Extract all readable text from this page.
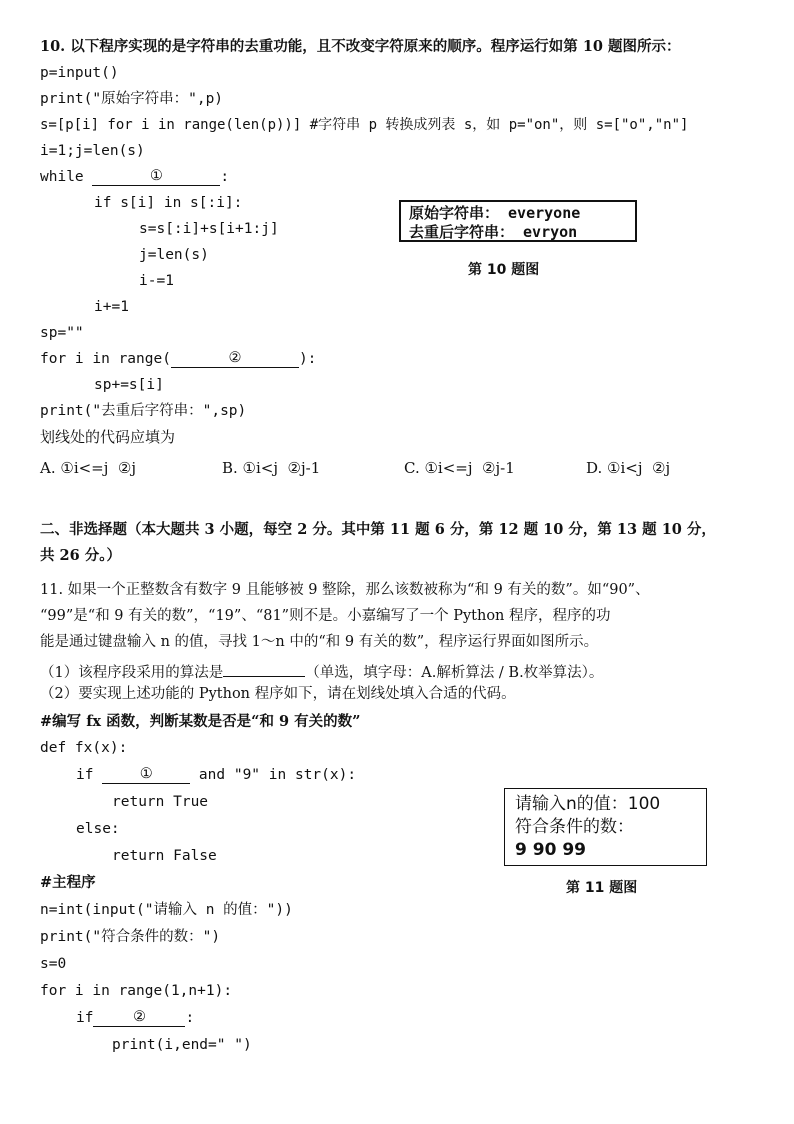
10. 以下程序实现的是字符串的去重功能，且不改变字符原来的顺序。程序运行如第 10 题图所示：
p=input()
print("原始字符串：",p)
s=[p[i] for i in range(len(p))] #字符串 p 转换成列表 s，如 p="on"，则 s=["o","n"]
i=1;j=len(s)
while	①	:
if s[i] in s[:i]:
s=s[:i]+s[i+1:j]
j=len(s)
i-=1
i+=1
sp=""
for i in range(	②	):
sp+=s[i]
print("去重后字符串：",sp)
划线处的代码应填为
A. ①i<=j  ②j	B. ①i<j  ②j-1	C. ①i<=j  ②j-1	D. ①i<j  ②j
原始字符串： everyone
去重后字符串： evryon
第 10 题图
二、非选择题（本大题共 3 小题，每空 2 分。其中第 11 题 6 分，第 12 题 10 分，第 13 题 10 分，
共 26 分。）
11. 如果一个正整数含有数字 9 且能够被 9 整除，那么该数被称为“和 9 有关的数”。如“90”、
“99”是“和 9 有关的数”，“19”、“81”则不是。小嘉编写了一个 Python 程序，程序的功
能是通过键盘输入 n 的值，寻找 1～n 中的“和 9 有关的数”，程序运行界面如图所示。
（1）该程序段采用的算法是	（单选，填字母：A.解析算法 / B.枚举算法）。
（2）要实现上述功能的 Python 程序如下，请在划线处填入合适的代码。
#编写 fx 函数，判断某数是否是“和 9 有关的数”
def fx(x):
if	①	and "9" in str(x):
return True
else:
return False
#主程序
n=int(input("请输入 n 的值："))
print("符合条件的数：")
s=0
for i in range(1,n+1):
if	②	:
print(i,end=" ")
请输入n的值：100
符合条件的数：
9 90 99
第 11 题图
